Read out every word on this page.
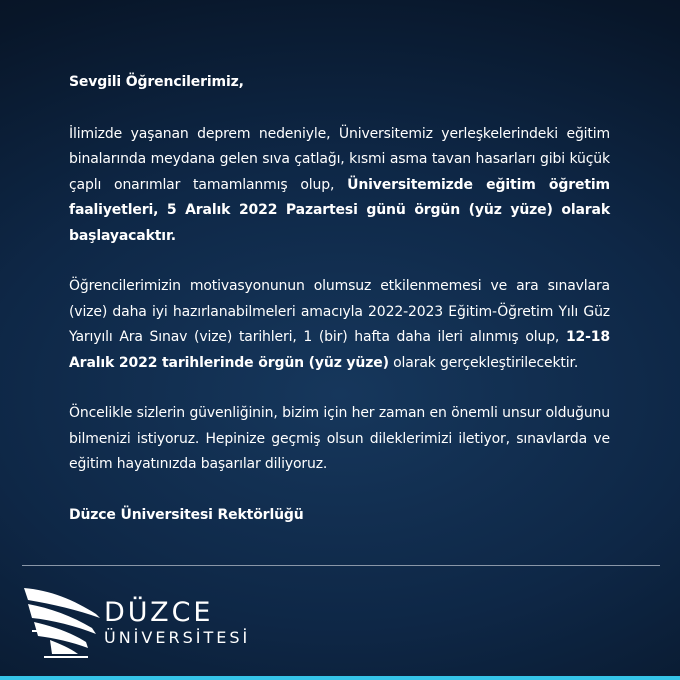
Sevgili Öğrencilerimiz,

İlimizde yaşanan deprem nedeniyle, Üniversitemiz yerleşkelerindeki eğitim binalarında meydana gelen sıva çatlağı, kısmi asma tavan hasarları gibi küçük çaplı onarımlar tamamlanmış olup, Üniversitemizde eğitim öğretim faaliyetleri, 5 Aralık 2022 Pazartesi günü örgün (yüz yüze) olarak başlayacaktır.

Öğrencilerimizin motivasyonunun olumsuz etkilenmemesi ve ara sınavlara (vize) daha iyi hazırlanabilmeleri amacıyla 2022-2023 Eğitim-Öğretim Yılı Güz Yarıyılı Ara Sınav (vize) tarihleri, 1 (bir) hafta daha ileri alınmış olup, 12-18 Aralık 2022 tarihlerinde örgün (yüz yüze) olarak gerçekleştirilecektir.

Öncelikle sizlerin güvenliğinin, bizim için her zaman en önemli unsur olduğunu bilmenizi istiyoruz. Hepinize geçmiş olsun dileklerimizi iletiyor, sınavlarda ve eğitim hayatınızda başarılar diliyoruz.

Düzce Üniversitesi Rektörlüğü

DÜZCE
ÜNİVERSİTESİ
